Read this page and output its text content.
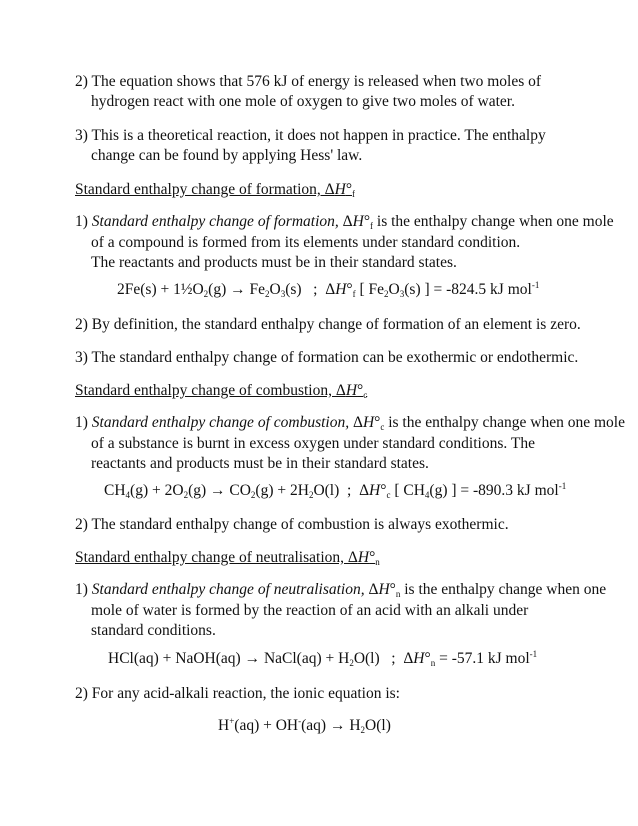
2) The equation shows that 576 kJ of energy is released when two moles of
hydrogen react with one mole of oxygen to give two moles of water.
3) This is a theoretical reaction, it does not happen in practice. The enthalpy
change can be found by applying Hess' law.
Standard enthalpy change of formation, ΔH°f
1) Standard enthalpy change of formation, ΔH°f is the enthalpy change when one mole
of a compound is formed from its elements under standard condition.
The reactants and products must be in their standard states.
2Fe(s) + 1½O2(g) → Fe2O3(s)   ;  ΔH°f [ Fe2O3(s) ] = -824.5 kJ mol$^{-1}$
2) By definition, the standard enthalpy change of formation of an element is zero.
3) The standard enthalpy change of formation can be exothermic or endothermic.
Standard enthalpy change of combustion, ΔH°c
1) Standard enthalpy change of combustion, ΔH°c is the enthalpy change when one mole
of a substance is burnt in excess oxygen under standard conditions. The
reactants and products must be in their standard states.
CH4(g) + 2O2(g) → CO2(g) + 2H2O(l)  ;  ΔH°c [ CH4(g) ] = -890.3 kJ mol$^{-1}$
2) The standard enthalpy change of combustion is always exothermic.
Standard enthalpy change of neutralisation, ΔH°n
1) Standard enthalpy change of neutralisation, ΔH°n is the enthalpy change when one
mole of water is formed by the reaction of an acid with an alkali under
standard conditions.
HCl(aq) + NaOH(aq) → NaCl(aq) + H2O(l)   ;  ΔH°n = -57.1 kJ mol$^{-1}$
2) For any acid-alkali reaction, the ionic equation is:
H+(aq) + OH-(aq) → H2O(l)
